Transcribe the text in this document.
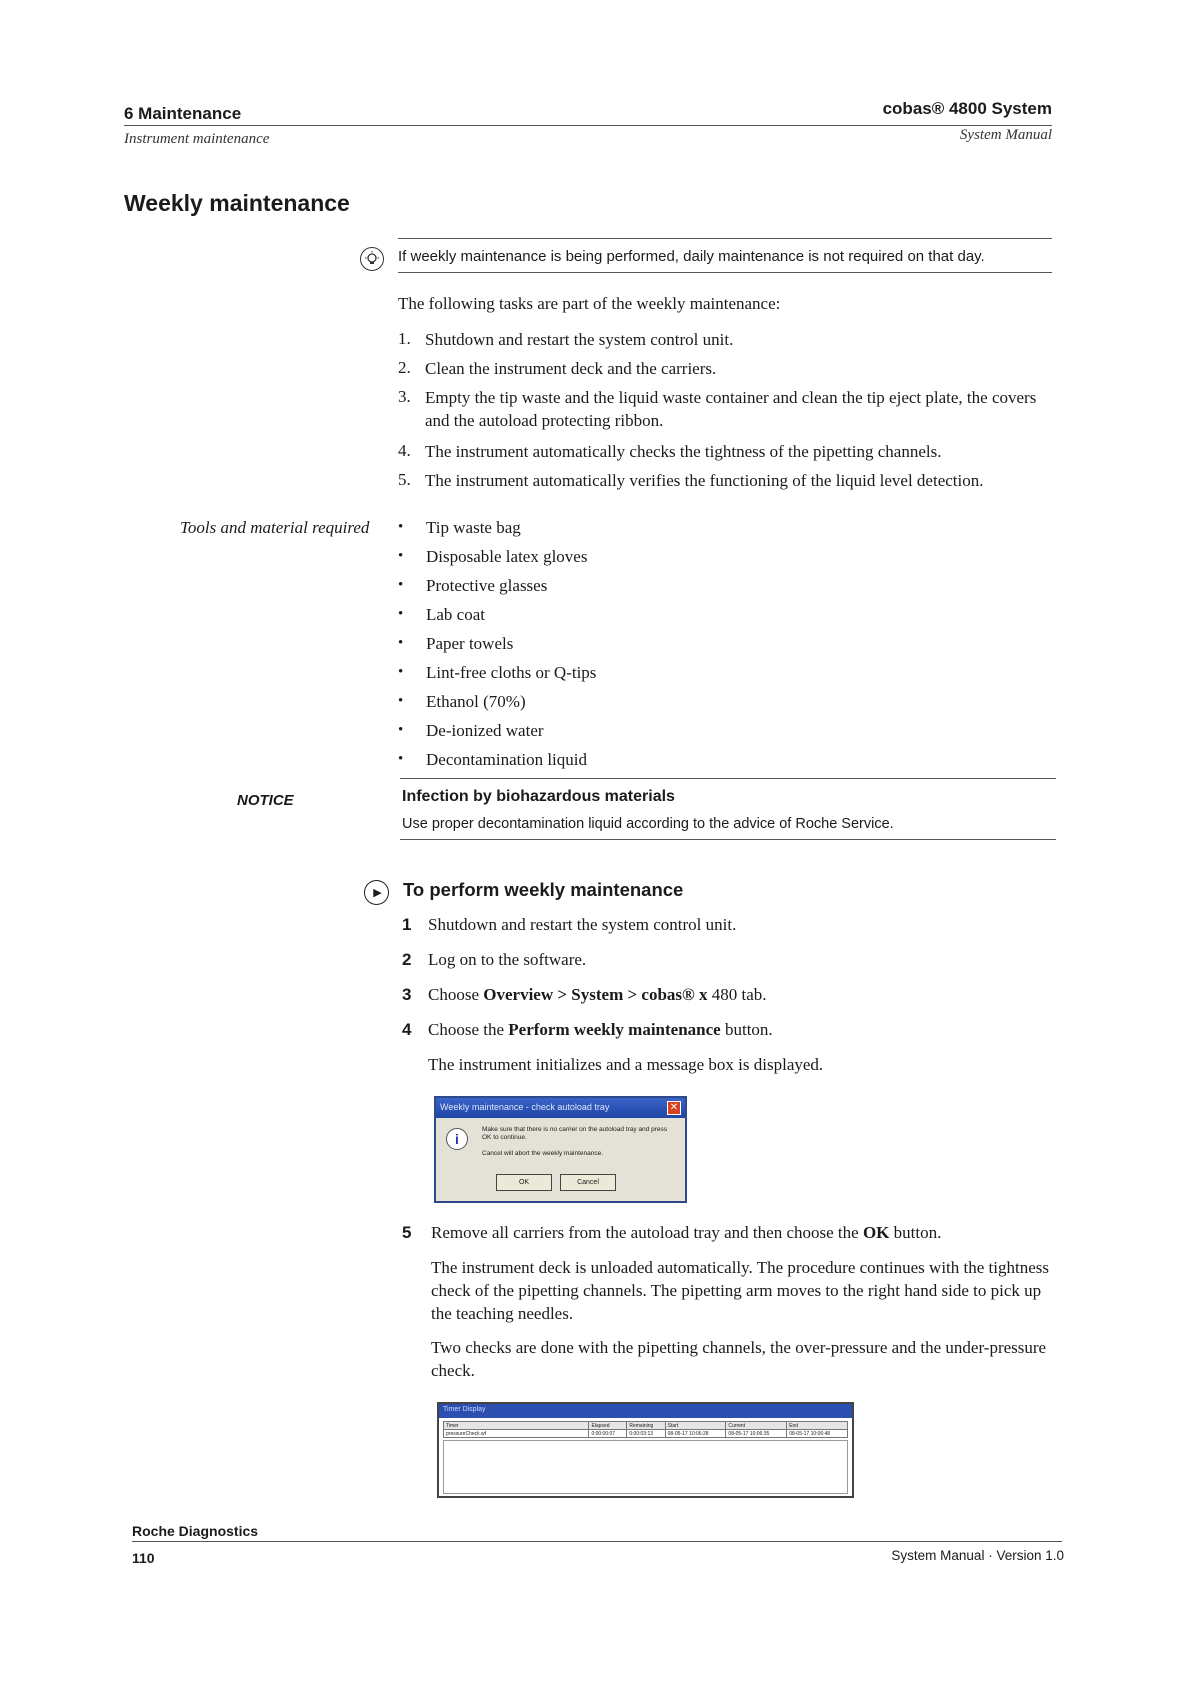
6 Maintenance
Instrument maintenance
cobas® 4800 System
System Manual
Weekly maintenance
If weekly maintenance is being performed, daily maintenance is not required on that day.
The following tasks are part of the weekly maintenance:
1. Shutdown and restart the system control unit.
2. Clean the instrument deck and the carriers.
3. Empty the tip waste and the liquid waste container and clean the tip eject plate, the covers and the autoload protecting ribbon.
4. The instrument automatically checks the tightness of the pipetting channels.
5. The instrument automatically verifies the functioning of the liquid level detection.
Tools and material required • Tip waste bag
• Disposable latex gloves
• Protective glasses
• Lab coat
• Paper towels
• Lint-free cloths or Q-tips
• Ethanol (70%)
• De-ionized water
• Decontamination liquid
NOTICE	Infection by biohazardous materials
Use proper decontamination liquid according to the advice of Roche Service.
▶	To perform weekly maintenance
1 Shutdown and restart the system control unit.
2 Log on to the software.
3 Choose Overview > System > cobas® x 480 tab.
4 Choose the Perform weekly maintenance button.
The instrument initializes and a message box is displayed.
Weekly maintenance - check autoload tray	✕
i
Make sure that there is no carrier on the autoload tray and press OK to continue.
Cancel will abort the weekly maintenance.
OK	Cancel
5 Remove all carriers from the autoload tray and then choose the OK button.
The instrument deck is unloaded automatically. The procedure continues with the tightness check of the pipetting channels. The pipetting arm moves to the right hand side to pick up the teaching needles.
Two checks are done with the pipetting channels, the over-pressure and the under-pressure check.
Timer Display
Timer	Elapsed	Remaining	Start	Current	End
pressureCheck.wf	0:00:00:07	0:00:03:13	08-05-17 10:06:28	08-05-17 10:06:35	08-05-17 10:06:48
Roche Diagnostics
110	System Manual · Version 1.0
